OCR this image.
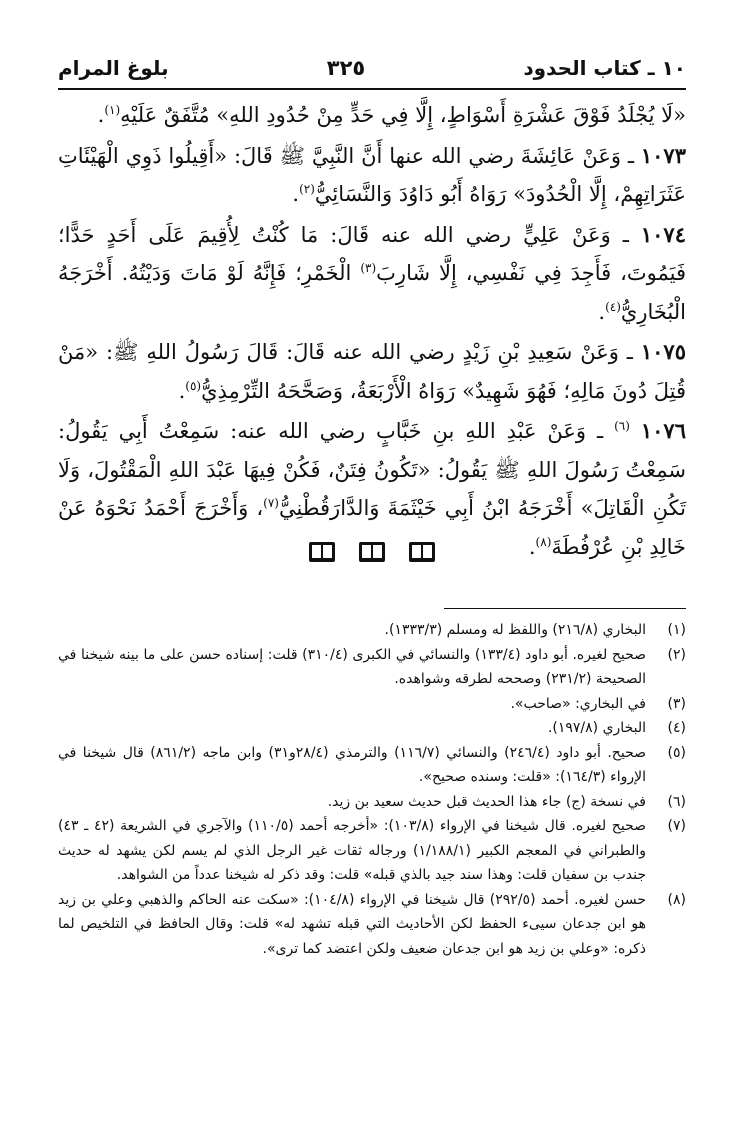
١٠ ـ كتاب الحدود
٣٢٥
بلوغ المرام

«لَا يُجْلَدُ فَوْقَ عَشْرَةِ أَسْوَاطٍ، إِلَّا فِي حَدٍّ مِنْ حُدُودِ اللهِ» مُتَّفَقٌ عَلَيْهِ$^{(١)}$.

١٠٧٣ ـ وَعَنْ عَائِشَةَ رضي الله عنها أَنَّ النَّبِيَّ ﷺ قَالَ: «أَقِيلُوا ذَوِي الْهَيْئَاتِ عَثَرَاتِهِمْ، إِلَّا الْحُدُودَ» رَوَاهُ أَبُو دَاوُدَ وَالنَّسَائِيُّ$^{(٢)}$.

١٠٧٤ ـ وَعَنْ عَلِيٍّ رضي الله عنه قَالَ: مَا كُنْتُ لِأُقِيمَ عَلَى أَحَدٍ حَدًّا؛ فَيَمُوتَ، فَأَجِدَ فِي نَفْسِي، إِلَّا شَارِبَ$^{(٣)}$ الْخَمْرِ؛ فَإِنَّهُ لَوْ مَاتَ وَدَيْتُهُ. أَخْرَجَهُ الْبُخَارِيُّ$^{(٤)}$.

١٠٧٥ ـ وَعَنْ سَعِيدِ بْنِ زَيْدٍ رضي الله عنه قَالَ: قَالَ رَسُولُ اللهِ ﷺ: «مَنْ قُتِلَ دُونَ مَالِهِ؛ فَهُوَ شَهِيدٌ» رَوَاهُ الْأَرْبَعَةُ، وَصَحَّحَهُ التِّرْمِذِيُّ$^{(٥)}$.

١٠٧٦ $^{(٦)}$ ـ وَعَنْ عَبْدِ اللهِ بنِ خَبَّابٍ رضي الله عنه: سَمِعْتُ أَبِي يَقُولُ: سَمِعْتُ رَسُولَ اللهِ ﷺ يَقُولُ: «تَكُونُ فِتَنٌ، فَكُنْ فِيهَا عَبْدَ اللهِ الْمَقْتُولَ، وَلَا تَكُنِ الْقَاتِلَ» أَخْرَجَهُ ابْنُ أَبِي خَيْثَمَةَ وَالدَّارَقُطْنِيُّ$^{(٧)}$، وَأَخْرَجَ أَحْمَدُ نَحْوَهُ عَنْ خَالِدِ بْنِ عُرْفُطَةَ$^{(٨)}$.

(١)
البخاري (٢١٦/٨) واللفظ له ومسلم (١٣٣٣/٣).
(٢)
صحيح لغيره. أبو داود (١٣٣/٤) والنسائي في الكبرى (٣١٠/٤) قلت: إسناده حسن على ما بينه شيخنا في الصحيحة (٢٣١/٢) وصححه لطرقه وشواهده.
(٣)
في البخاري: «صاحب».
(٤)
البخاري (١٩٧/٨).
(٥)
صحيح. أبو داود (٢٤٦/٤) والنسائي (١١٦/٧) والترمذي (٢٨/٤و٣١) وابن ماجه (٨٦١/٢) قال شيخنا في الإرواء (١٦٤/٣): «قلت: وسنده صحيح».
(٦)
في نسخة (ج) جاء هذا الحديث قبل حديث سعيد بن زيد.
(٧)
صحيح لغيره. قال شيخنا في الإرواء (١٠٣/٨): «أخرجه أحمد (١١٠/٥) والآجري في الشريعة (٤٢ ـ ٤٣) والطبراني في المعجم الكبير (١/١٨٨/١) ورجاله ثقات غير الرجل الذي لم يسم لكن يشهد له حديث جندب بن سفيان قلت: وهذا سند جيد بالذي قبله» قلت: وقد ذكر له شيخنا عدداً من الشواهد.
(٨)
حسن لغيره. أحمد (٢٩٢/٥) قال شيخنا في الإرواء (١٠٤/٨): «سكت عنه الحاكم والذهبي وعلي بن زيد هو ابن جدعان سيىء الحفظ لكن الأحاديث التي قبله تشهد له» قلت: وقال الحافظ في التلخيص لما ذكره: «وعلي بن زيد هو ابن جدعان ضعيف ولكن اعتضد كما ترى».
